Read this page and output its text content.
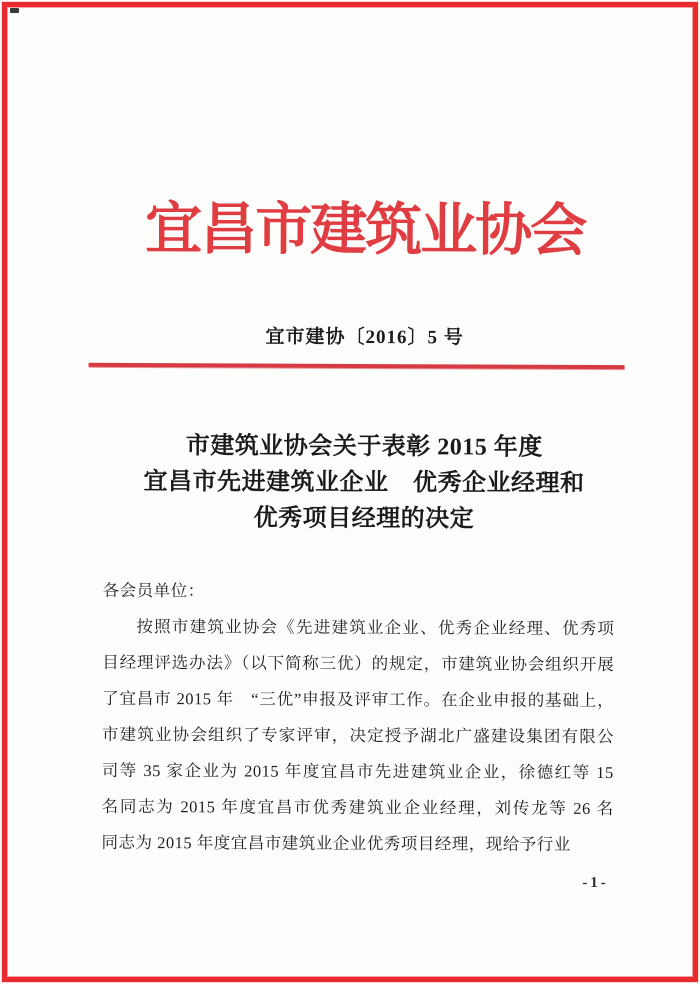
宜昌市建筑业协会
宜市建协〔2016〕5 号
市建筑业协会关于表彰 2015 年度
宜昌市先进建筑业企业　优秀企业经理和
优秀项目经理的决定
各会员单位：
按照市建筑业协会《先进建筑业企业、优秀企业经理、优秀项
目经理评选办法》（以下简称三优）的规定，市建筑业协会组织开展
了宜昌市 2015 年　“三优”申报及评审工作。在企业申报的基础上，
市建筑业协会组织了专家评审，决定授予湖北广盛建设集团有限公
司等 35 家企业为 2015 年度宜昌市先进建筑业企业，徐德红等 15
名同志为 2015 年度宜昌市优秀建筑业企业经理，刘传龙等 26 名
同志为 2015 年度宜昌市建筑业企业优秀项目经理，现给予行业
-1-
